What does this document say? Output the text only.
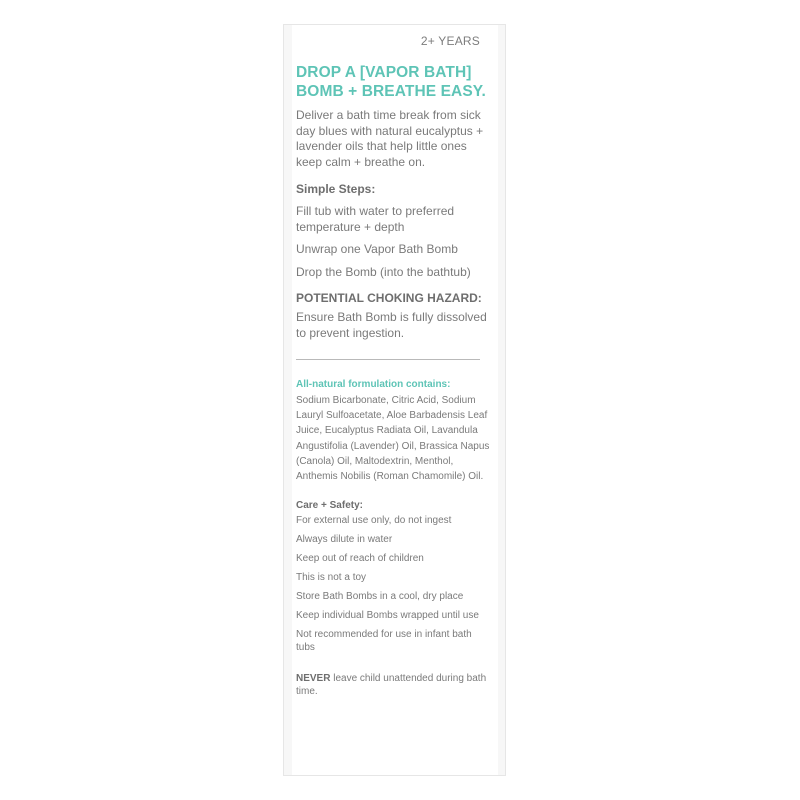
2+ YEARS
DROP A [VAPOR BATH]
BOMB + BREATHE EASY.

Deliver a bath time break from sick day blues with natural eucalyptus + lavender oils that help little ones keep calm + breathe on.

Simple Steps:

Fill tub with water to preferred temperature + depth

Unwrap one Vapor Bath Bomb

Drop the Bomb (into the bathtub)

POTENTIAL CHOKING HAZARD:

Ensure Bath Bomb is fully dissolved to prevent ingestion.

All-natural formulation contains:

Sodium Bicarbonate, Citric Acid, Sodium Lauryl Sulfoacetate, Aloe Barbadensis Leaf Juice, Eucalyptus Radiata Oil, Lavandula Angustifolia (Lavender) Oil, Brassica Napus (Canola) Oil, Maltodextrin, Menthol, Anthemis Nobilis (Roman Chamomile) Oil.

Care + Safety:

For external use only, do not ingest

Always dilute in water

Keep out of reach of children

This is not a toy

Store Bath Bombs in a cool, dry place

Keep individual Bombs wrapped until use

Not recommended for use in infant bath tubs

NEVER leave child unattended during bath time.
